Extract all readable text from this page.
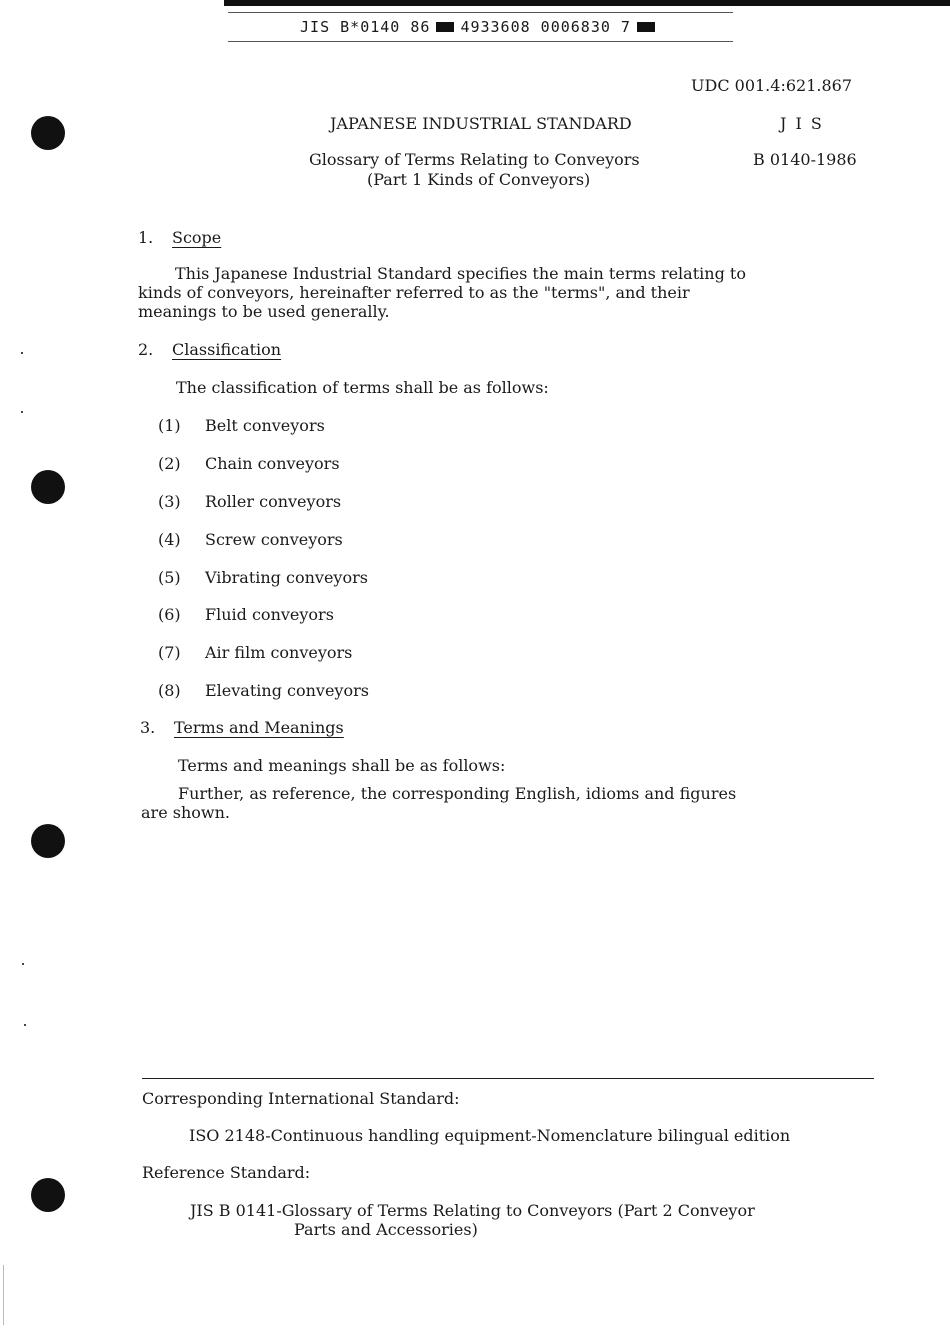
JIS B*0140 86 4933608 0006830 7
UDC 001.4:621.867
JAPANESE INDUSTRIAL STANDARD	J I S
Glossary of Terms Relating to Conveyors	B 0140-1986
(Part 1 Kinds of Conveyors)
1. Scope
This Japanese Industrial Standard specifies the main terms relating to
kinds of conveyors, hereinafter referred to as the "terms", and their
meanings to be used generally.
2. Classification
The classification of terms shall be as follows:
(1) Belt conveyors
(2) Chain conveyors
(3) Roller conveyors
(4) Screw conveyors
(5) Vibrating conveyors
(6) Fluid conveyors
(7) Air film conveyors
(8) Elevating conveyors
3. Terms and Meanings
Terms and meanings shall be as follows:
Further, as reference, the corresponding English, idioms and figures
are shown.
Corresponding International Standard:
ISO 2148-Continuous handling equipment-Nomenclature bilingual edition
Reference Standard:
JIS B 0141-Glossary of Terms Relating to Conveyors (Part 2 Conveyor
Parts and Accessories)
